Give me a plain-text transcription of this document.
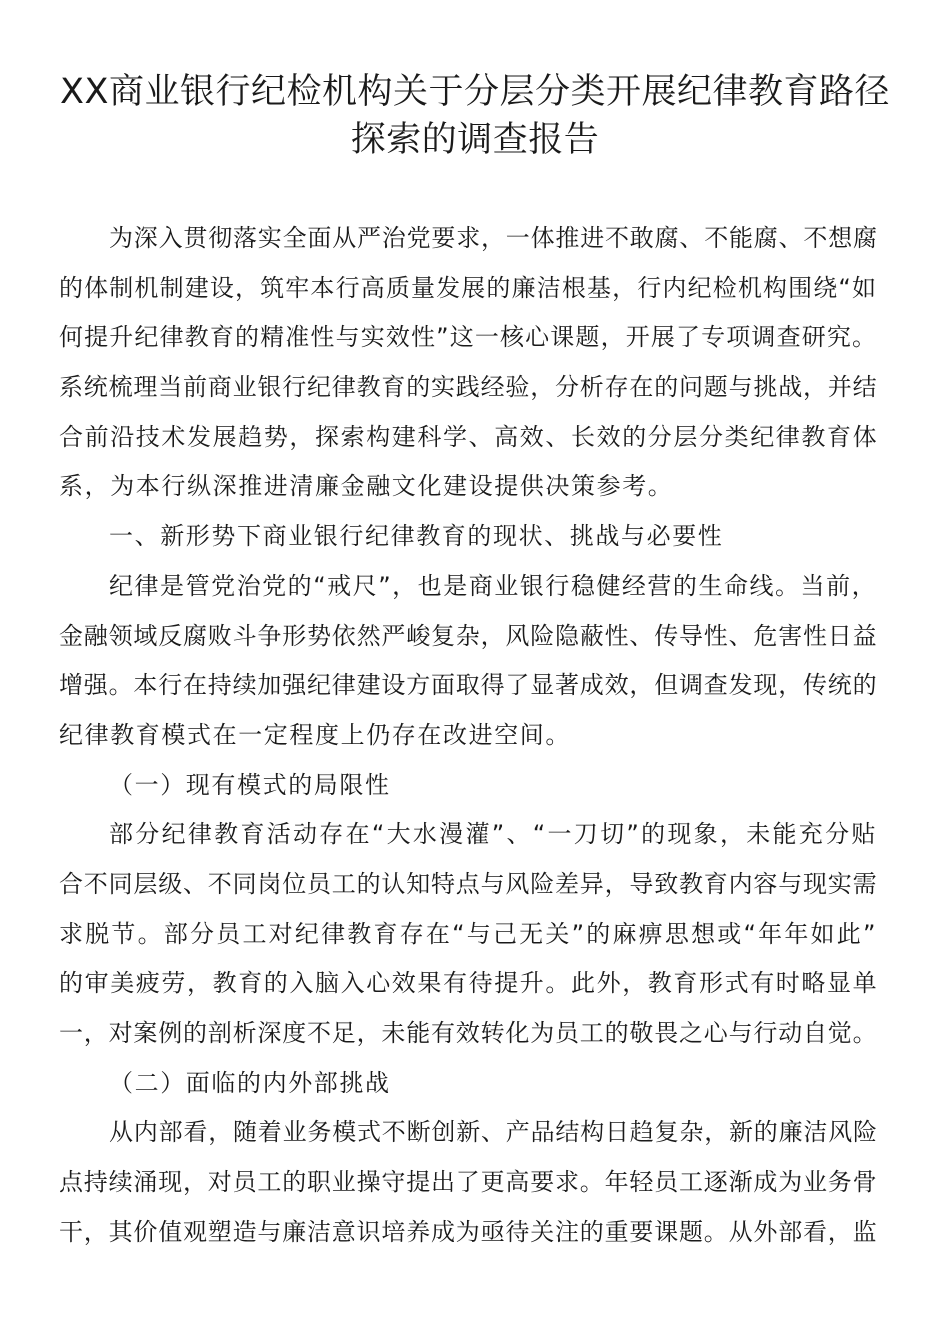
XX商业银行纪检机构关于分层分类开展纪律教育路径
探索的调查报告
为深入贯彻落实全面从严治党要求，一体推进不敢腐、不能腐、不想腐
的体制机制建设，筑牢本行高质量发展的廉洁根基，行内纪检机构围绕“如
何提升纪律教育的精准性与实效性”这一核心课题，开展了专项调查研究。
系统梳理当前商业银行纪律教育的实践经验，分析存在的问题与挑战，并结
合前沿技术发展趋势，探索构建科学、高效、长效的分层分类纪律教育体
系，为本行纵深推进清廉金融文化建设提供决策参考。
一、新形势下商业银行纪律教育的现状、挑战与必要性
纪律是管党治党的“戒尺”，也是商业银行稳健经营的生命线。当前，
金融领域反腐败斗争形势依然严峻复杂，风险隐蔽性、传导性、危害性日益
增强。本行在持续加强纪律建设方面取得了显著成效，但调查发现，传统的
纪律教育模式在一定程度上仍存在改进空间。
（一）现有模式的局限性
部分纪律教育活动存在“大水漫灌”、“一刀切”的现象，未能充分贴
合不同层级、不同岗位员工的认知特点与风险差异，导致教育内容与现实需
求脱节。部分员工对纪律教育存在“与己无关”的麻痹思想或“年年如此”
的审美疲劳，教育的入脑入心效果有待提升。此外，教育形式有时略显单
一，对案例的剖析深度不足，未能有效转化为员工的敬畏之心与行动自觉。
（二）面临的内外部挑战
从内部看，随着业务模式不断创新、产品结构日趋复杂，新的廉洁风险
点持续涌现，对员工的职业操守提出了更高要求。年轻员工逐渐成为业务骨
干，其价值观塑造与廉洁意识培养成为亟待关注的重要课题。从外部看，监
